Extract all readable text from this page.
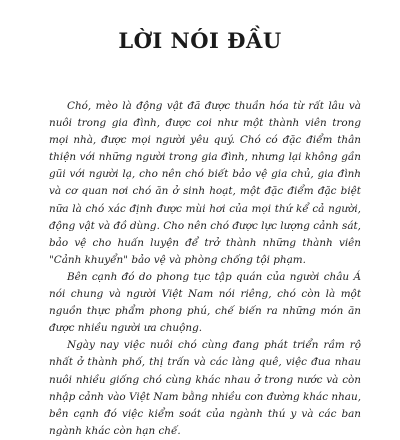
LỜI NÓI ĐẦU

Chó, mèo là động vật đã được thuần hóa từ rất lâu và nuôi trong gia đình, được coi như một thành viên trong mọi nhà, được mọi người yêu quý. Chó có đặc điểm thân thiện với những người trong gia đình, nhưng lại không gần gũi với người lạ, cho nên chó biết bảo vệ gia chủ, gia đình và cơ quan nơi chó ăn ở sinh hoạt, một đặc điểm đặc biệt nữa là chó xác định được mùi hơi của mọi thứ kể cả người, động vật và đồ dùng. Cho nên chó được lực lượng cảnh sát, bảo vệ cho huấn luyện để trở thành những thành viên "Cảnh khuyển" bảo vệ và phòng chống tội phạm.

Bên cạnh đó do phong tục tập quán của người châu Á nói chung và người Việt Nam nói riêng, chó còn là một nguồn thực phẩm phong phú, chế biến ra những món ăn được nhiều người ưa chuộng.

Ngày nay việc nuôi chó cùng đang phát triển rầm rộ nhất ở thành phố, thị trấn và các làng quê, việc đua nhau nuôi nhiều giống chó cùng khác nhau ở trong nước và còn nhập cảnh vào Việt Nam bằng nhiều con đường khác nhau, bên cạnh đó việc kiểm soát của ngành thú y và các ban ngành khác còn hạn chế.
